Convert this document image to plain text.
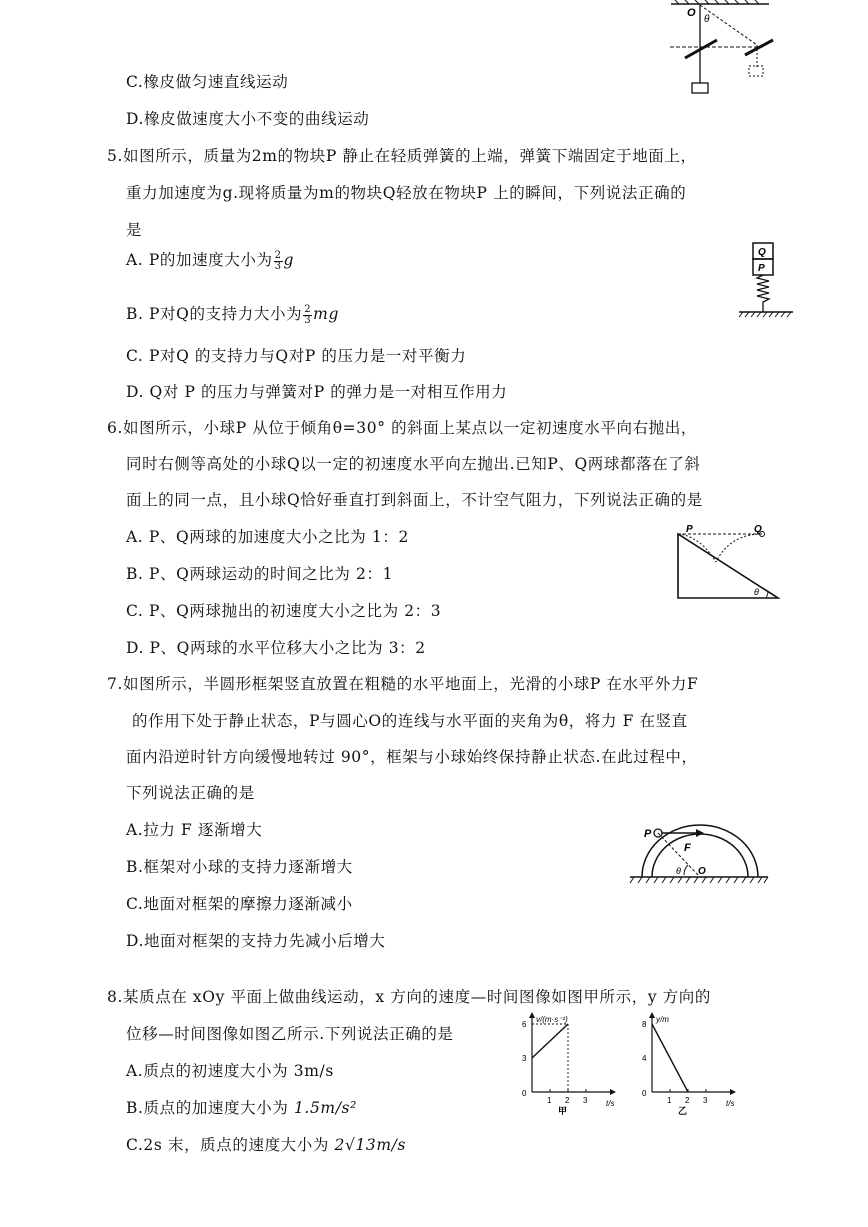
C.橡皮做匀速直线运动
D.橡皮做速度大小不变的曲线运动
O
θ
5.如图所示，质量为2m的物块P 静止在轻质弹簧的上端，弹簧下端固定于地面上，
重力加速度为g.现将质量为m的物块Q轻放在物块P 上的瞬间，下列说法正确的
是
A. P的加速度大小为 $\frac{2}{3}$ g
B. P对Q的支持力大小为 $\frac{2}{3}$ mg
C. P对Q 的支持力与Q对P 的压力是一对平衡力
D. Q对 P 的压力与弹簧对P 的弹力是一对相互作用力
Q
P
6.如图所示，小球P 从位于倾角θ=30° 的斜面上某点以一定初速度水平向右抛出，
同时右侧等高处的小球Q以一定的初速度水平向左抛出.已知P、Q两球都落在了斜
面上的同一点，且小球Q恰好垂直打到斜面上，不计空气阻力，下列说法正确的是
A. P、Q两球的加速度大小之比为 1：2
B. P、Q两球运动的时间之比为 2：1
C. P、Q两球抛出的初速度大小之比为 2：3
D. P、Q两球的水平位移大小之比为 3：2
P	Q
θ
7.如图所示，半圆形框架竖直放置在粗糙的水平地面上，光滑的小球P 在水平外力F
的作用下处于静止状态，P与圆心O的连线与水平面的夹角为θ，将力 F 在竖直
面内沿逆时针方向缓慢地转过 90°，框架与小球始终保持静止状态.在此过程中，
下列说法正确的是
A.拉力 F 逐渐增大
B.框架对小球的支持力逐渐增大
C.地面对框架的摩擦力逐渐减小
D.地面对框架的支持力先减小后增大
P
F
θ O
8.某质点在 xOy 平面上做曲线运动，x 方向的速度—时间图像如图甲所示，y 方向的
位移—时间图像如图乙所示.下列说法正确的是
A.质点的初速度大小为 3m/s
B.质点的加速度大小为 1.5m/s²
C.2s 末，质点的速度大小为 2√13m/s
v/(m·s⁻¹)
t/s
0
1 2 3
3
6
甲
y/m
t/s
0
1 2 3
4
8
乙
